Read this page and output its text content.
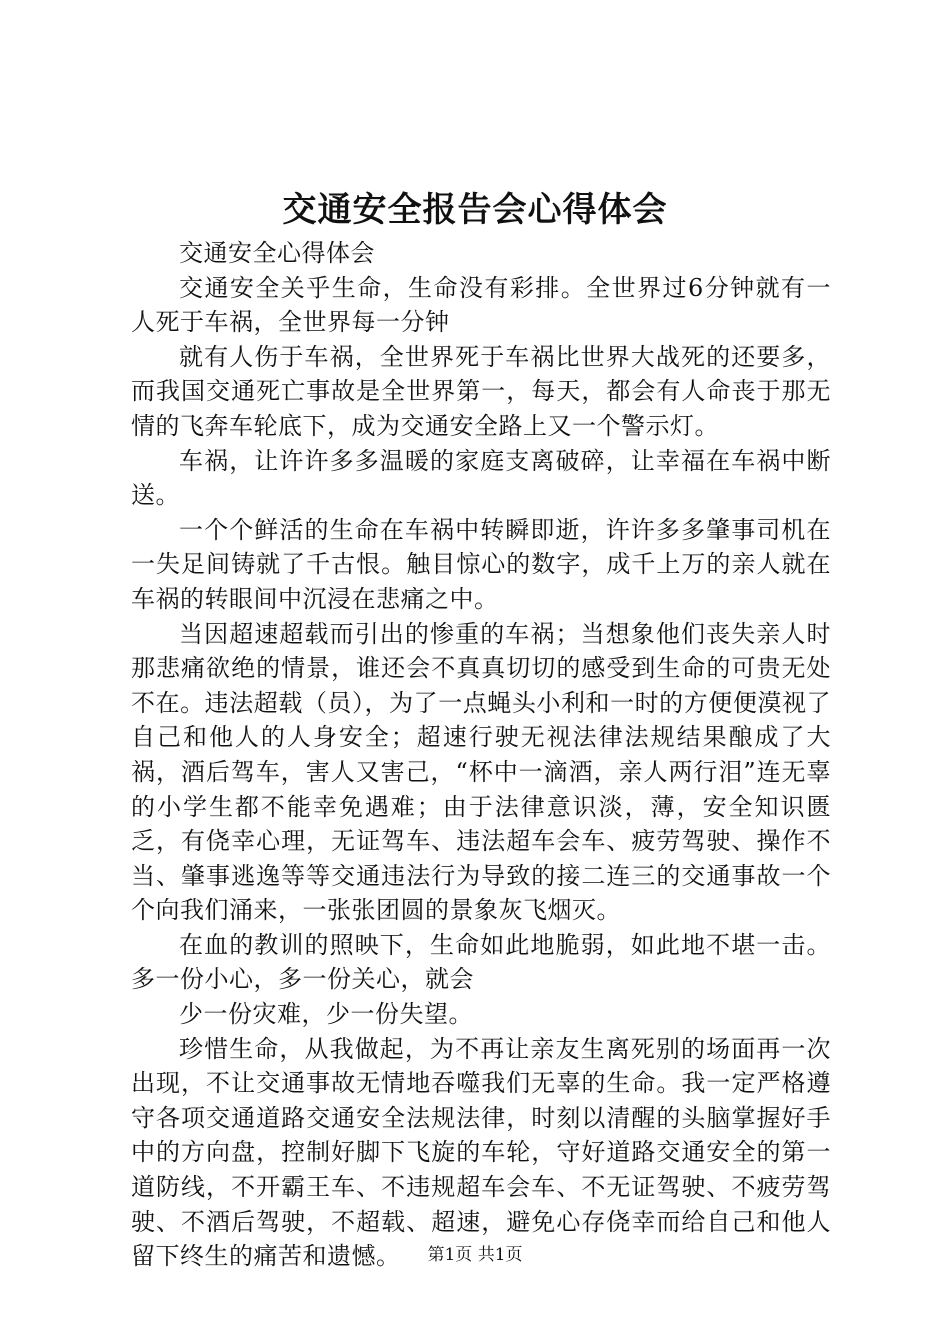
交通安全报告会心得体会

交通安全心得体会

交通安全关乎生命，生命没有彩排。全世界过6分钟就有一人死于车祸，全世界每一分钟

就有人伤于车祸，全世界死于车祸比世界大战死的还要多，而我国交通死亡事故是全世界第一，每天，都会有人命丧于那无情的飞奔车轮底下，成为交通安全路上又一个警示灯。

车祸，让许许多多温暖的家庭支离破碎，让幸福在车祸中断送。

一个个鲜活的生命在车祸中转瞬即逝，许许多多肇事司机在一失足间铸就了千古恨。触目惊心的数字，成千上万的亲人就在车祸的转眼间中沉浸在悲痛之中。

当因超速超载而引出的惨重的车祸；当想象他们丧失亲人时那悲痛欲绝的情景，谁还会不真真切切的感受到生命的可贵无处不在。违法超载（员），为了一点蝇头小利和一时的方便便漠视了自己和他人的人身安全；超速行驶无视法律法规结果酿成了大祸，酒后驾车，害人又害己，“杯中一滴酒，亲人两行泪”连无辜的小学生都不能幸免遇难；由于法律意识淡，薄，安全知识匮乏，有侥幸心理，无证驾车、违法超车会车、疲劳驾驶、操作不当、肇事逃逸等等交通违法行为导致的接二连三的交通事故一个个向我们涌来，一张张团圆的景象灰飞烟灭。

在血的教训的照映下，生命如此地脆弱，如此地不堪一击。多一份小心，多一份关心，就会

少一份灾难，少一份失望。

珍惜生命，从我做起，为不再让亲友生离死别的场面再一次出现，不让交通事故无情地吞噬我们无辜的生命。我一定严格遵守各项交通道路交通安全法规法律，时刻以清醒的头脑掌握好手中的方向盘，控制好脚下飞旋的车轮，守好道路交通安全的第一道防线，不开霸王车、不违规超车会车、不无证驾驶、不疲劳驾驶、不酒后驾驶，不超载、超速，避免心存侥幸而给自己和他人留下终生的痛苦和遗憾。	第1页 共1页
